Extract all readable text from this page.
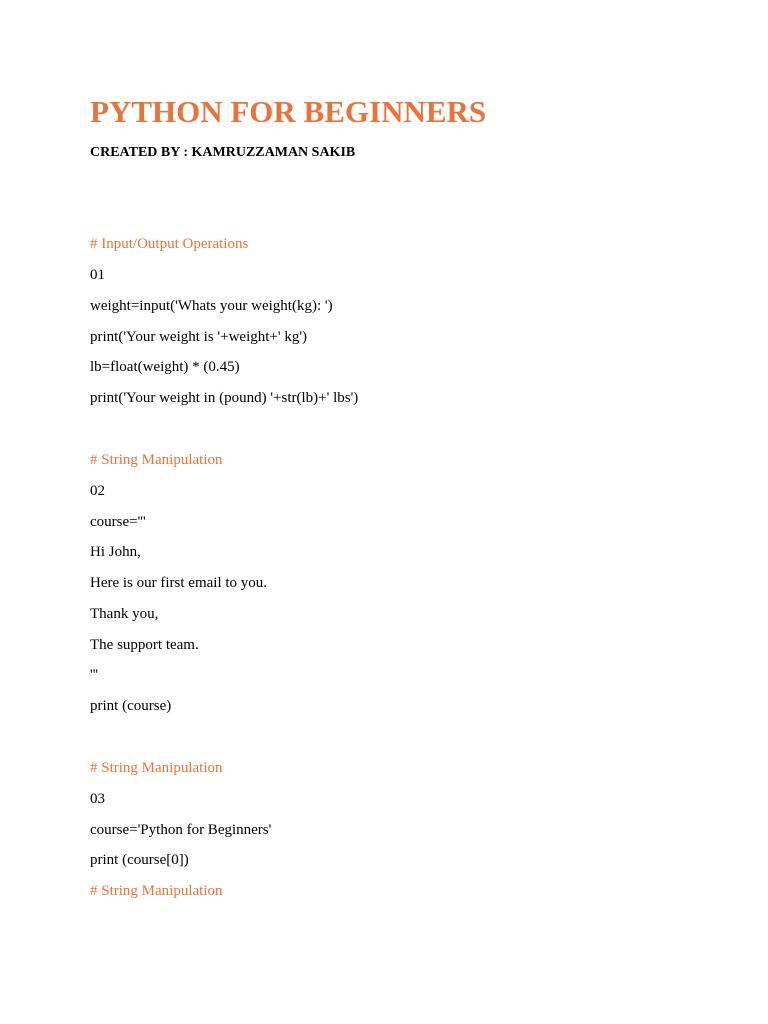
PYTHON FOR BEGINNERS

CREATED BY : KAMRUZZAMAN SAKIB

# Input/Output Operations

01

weight=input('Whats your weight(kg): ')

print('Your weight is '+weight+' kg')

lb=float(weight) * (0.45)

print('Your weight in (pound) '+str(lb)+' lbs')

# String Manipulation

02

course='''

Hi John,

Here is our first email to you.

Thank you,

The support team.

'''

print (course)

# String Manipulation

03

course='Python for Beginners'

print (course[0])

# String Manipulation
